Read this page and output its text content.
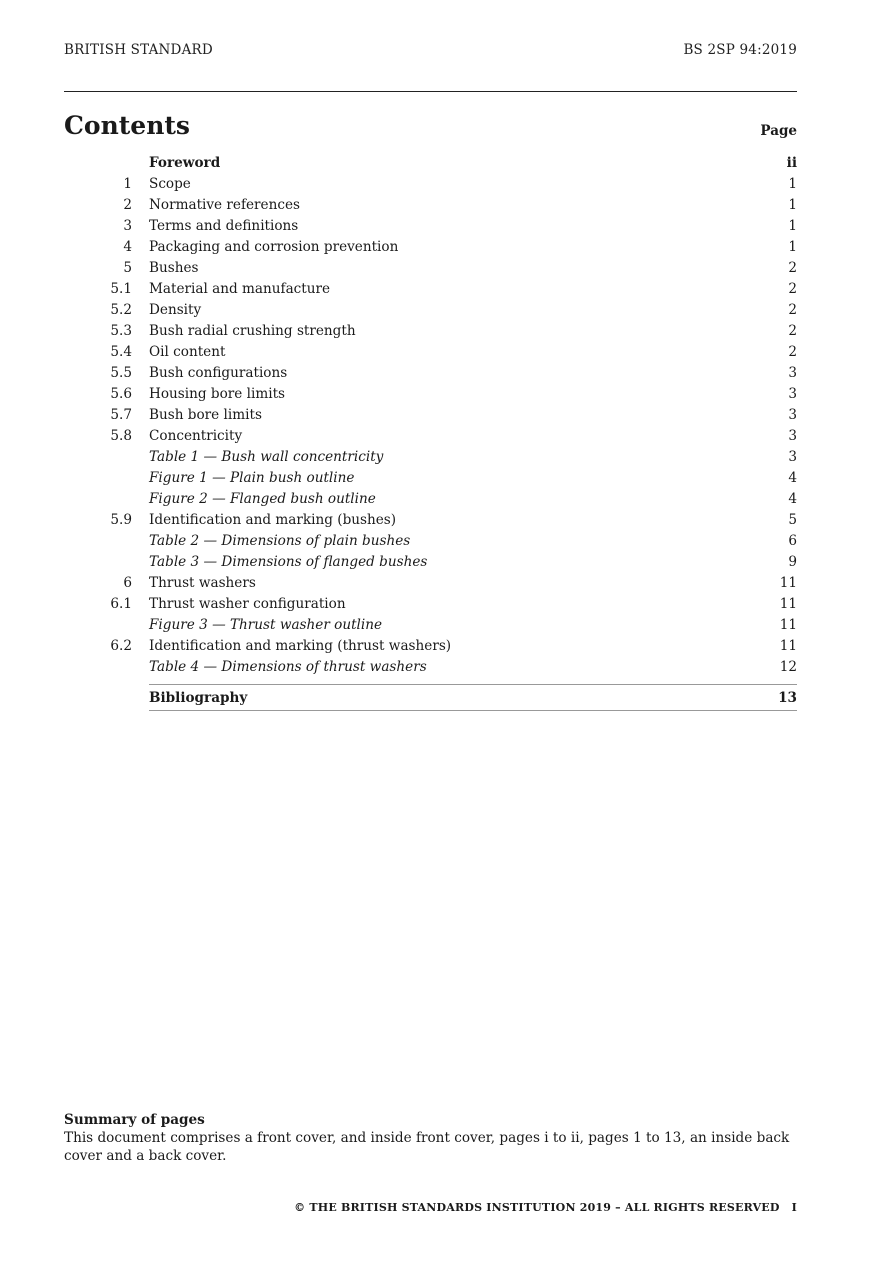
BRITISH STANDARD	BS 2SP 94:2019
Contents	Page
Foreword	ii
1	Scope	1
2	Normative references	1
3	Terms and definitions	1
4	Packaging and corrosion prevention	1
5	Bushes	2
5.1	Material and manufacture	2
5.2	Density	2
5.3	Bush radial crushing strength	2
5.4	Oil content	2
5.5	Bush configurations	3
5.6	Housing bore limits	3
5.7	Bush bore limits	3
5.8	Concentricity	3
Table 1 — Bush wall concentricity	3
Figure 1 — Plain bush outline	4
Figure 2 — Flanged bush outline	4
5.9	Identification and marking (bushes)	5
Table 2 — Dimensions of plain bushes	6
Table 3 — Dimensions of flanged bushes	9
6	Thrust washers	11
6.1	Thrust washer configuration	11
Figure 3 — Thrust washer outline	11
6.2	Identification and marking (thrust washers)	11
Table 4 — Dimensions of thrust washers	12
Bibliography	13
Summary of pages
This document comprises a front cover, and inside front cover, pages i to ii, pages 1 to 13, an inside back cover and a back cover.
© THE BRITISH STANDARDS INSTITUTION 2019 – ALL RIGHTS RESERVED I
